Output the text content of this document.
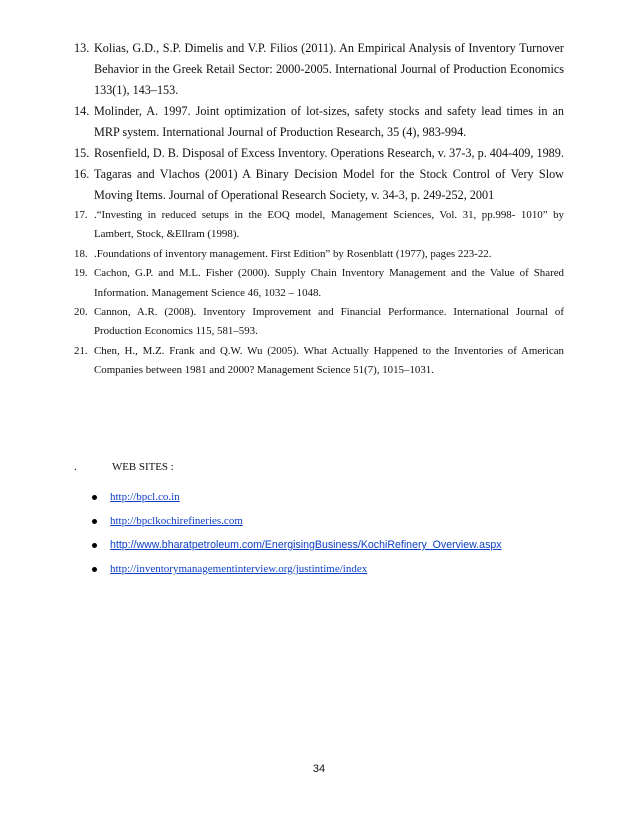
13. Kolias, G.D., S.P. Dimelis and V.P. Filios (2011). An Empirical Analysis of Inventory Turnover Behavior in the Greek Retail Sector: 2000-2005. International Journal of Production Economics 133(1), 143–153.

14. Molinder, A. 1997. Joint optimization of lot-sizes, safety stocks and safety lead times in an MRP system. International Journal of Production Research, 35 (4), 983-994.

15. Rosenfield, D. B. Disposal of Excess Inventory. Operations Research, v. 37-3, p. 404-409, 1989.

16. Tagaras and Vlachos (2001) A Binary Decision Model for the Stock Control of Very Slow Moving Items. Journal of Operational Research Society, v. 34-3, p. 249-252, 2001

17. .“Investing in reduced setups in the EOQ model, Management Sciences, Vol. 31, pp.998- 1010” by Lambert, Stock, &Ellram (1998).

18. .Foundations of inventory management. First Edition” by Rosenblatt (1977), pages 223-22.

19. Cachon, G.P. and M.L. Fisher (2000). Supply Chain Inventory Management and the Value of Shared Information. Management Science 46, 1032 – 1048.

20. Cannon, A.R. (2008). Inventory Improvement and Financial Performance. International Journal of Production Economics 115, 581–593.

21. Chen, H., M.Z. Frank and Q.W. Wu (2005). What Actually Happened to the Inventories of American Companies between 1981 and 2000? Management Science 51(7), 1015–1031.

.	WEB SITES :
http://bpcl.co.in
http://bpclkochirefineries.com
http://www.bharatpetroleum.com/EnergisingBusiness/KochiRefinery_Overview.aspx
http://inventorymanagementinterview.org/justintime/index
34
